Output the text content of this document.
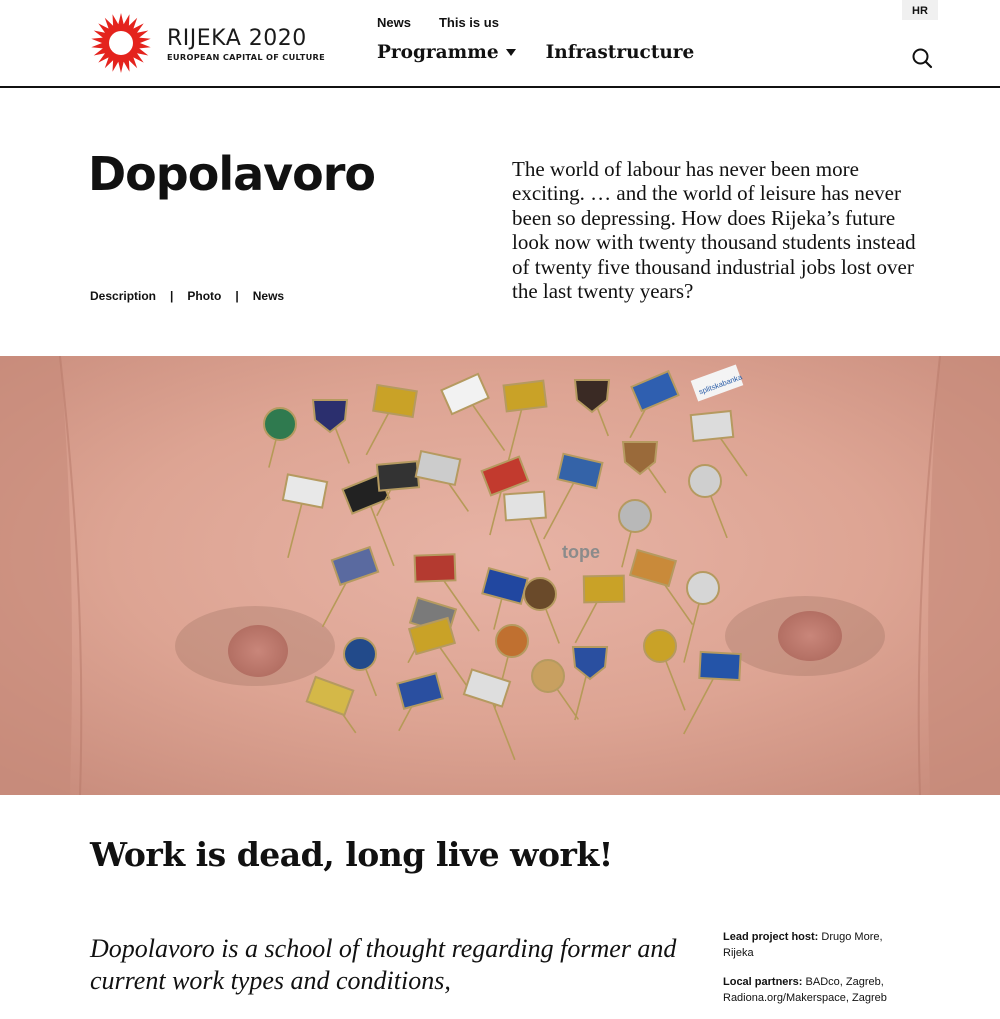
RIJEKA 2020
EUROPEAN CAPITAL OF CULTURE
News This is us
Programme	Infrastructure
HR
Dopolavoro
Description | Photo | News

The world of labour has never been more exciting. … and the world of leisure has never been so depressing. How does Rijeka’s future look now with twenty thousand students instead of twenty five thousand industrial jobs lost over the last twenty years?

splitskabanka
tope
Work is dead, long live work!

Dopolavoro is a school of thought regarding former and current work types and conditions,

Lead project host: Drugo More, Rijeka

Local partners: BADco, Zagreb, Radiona.org/Makerspace, Zagreb
